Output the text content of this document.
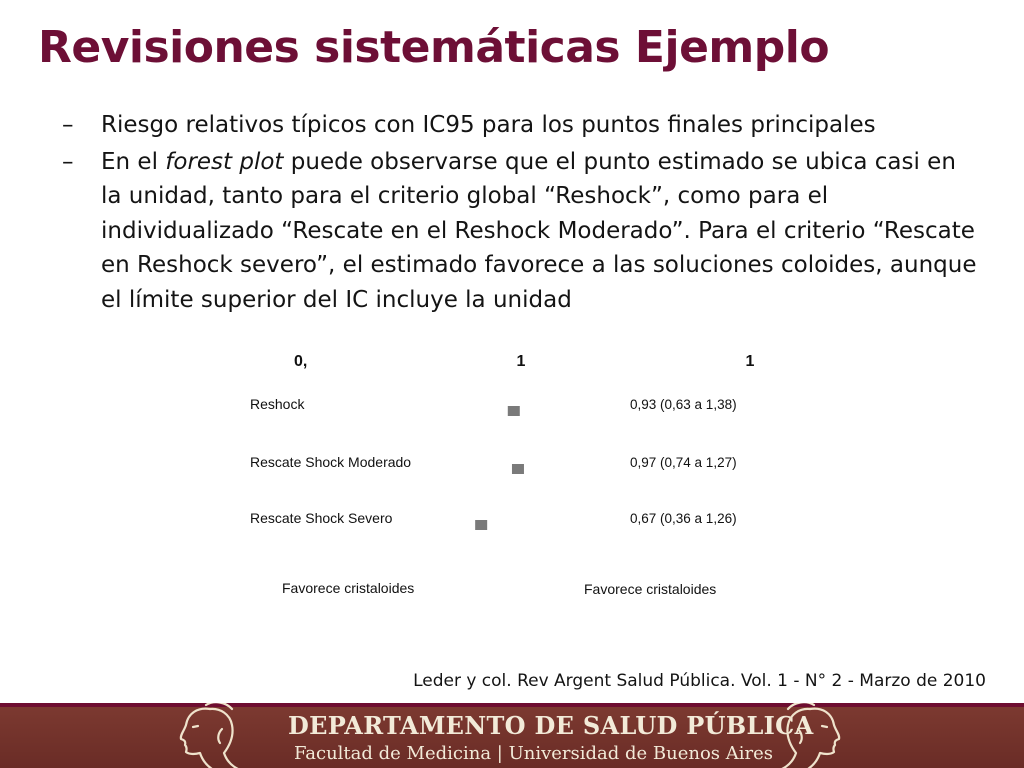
Revisiones sistemáticas Ejemplo
– Riesgo relativos típicos con IC95 para los puntos finales principales
– En el forest plot puede observarse que el punto estimado se ubica casi en la unidad, tanto para el criterio global “Reshock”, como para el individualizado “Rescate en el Reshock Moderado”. Para el criterio “Rescate en Reshock severo”, el estimado favorece a las soluciones coloides, aunque el límite superior del IC incluye la unidad
0,	1	1
Reshock	0,93 (0,63 a 1,38)
Rescate Shock Moderado	0,97 (0,74 a 1,27)
Rescate Shock Severo	0,67 (0,36 a 1,26)
Favorece cristaloides	Favorece cristaloides
Leder y col. Rev Argent Salud Pública. Vol. 1 - N° 2 - Marzo de 2010
DEPARTAMENTO DE SALUD PÚBLICA
Facultad de Medicina | Universidad de Buenos Aires
